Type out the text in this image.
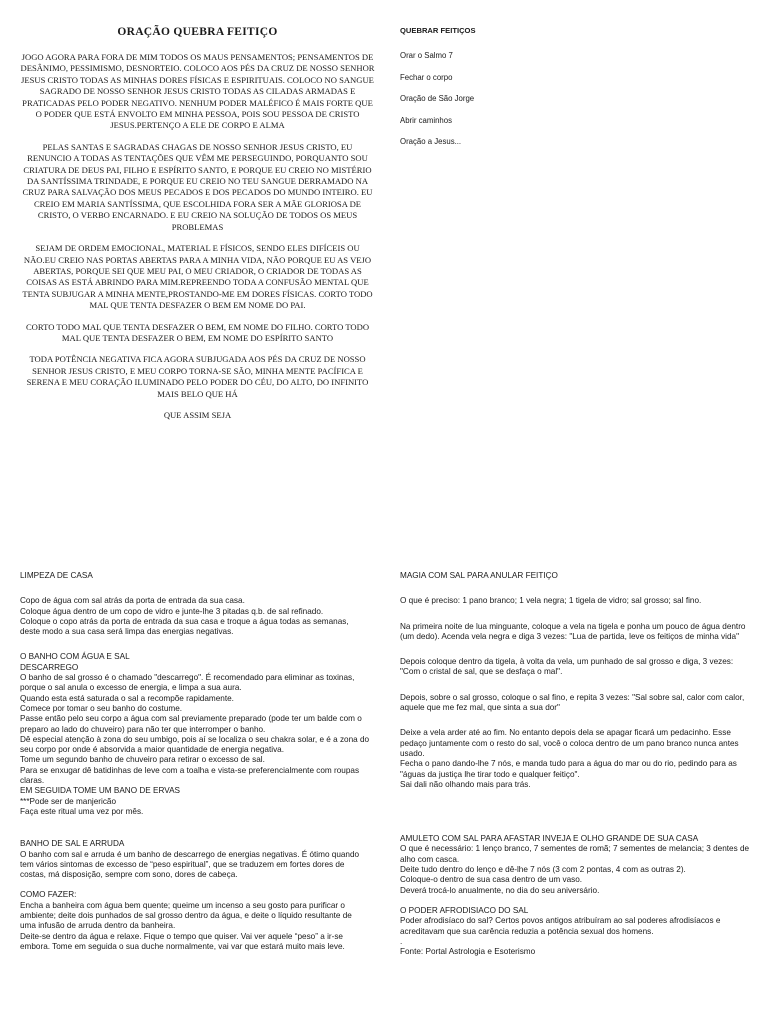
ORAÇÃO QUEBRA FEITIÇO

JOGO AGORA PARA FORA DE MIM TODOS OS MAUS PENSAMENTOS; PENSAMENTOS DE DESÂNIMO, PESSIMISMO, DESNORTEIO. COLOCO AOS PÉS DA CRUZ DE NOSSO SENHOR JESUS CRISTO TODAS AS MINHAS DORES FÍSICAS E ESPIRITUAIS. COLOCO NO SANGUE SAGRADO DE NOSSO SENHOR JESUS CRISTO TODAS AS CILADAS ARMADAS E PRATICADAS PELO PODER NEGATIVO. NENHUM PODER MALÉFICO É MAIS FORTE QUE O PODER QUE ESTÁ ENVOLTO EM MINHA PESSOA, POIS SOU PESSOA DE CRISTO JESUS.PERTENÇO A ELE DE CORPO E ALMA

PELAS SANTAS E SAGRADAS CHAGAS DE NOSSO SENHOR JESUS CRISTO, EU RENUNCIO A TODAS AS TENTAÇÕES QUE VÊM ME PERSEGUINDO, PORQUANTO SOU CRIATURA DE DEUS PAI, FILHO E ESPÍRITO SANTO, E PORQUE EU CREIO NO MISTÉRIO DA SANTÍSSIMA TRINDADE, E PORQUE EU CREIO NO TEU SANGUE DERRAMADO NA CRUZ PARA SALVAÇÃO DOS MEUS PECADOS E DOS PECADOS DO MUNDO INTEIRO. EU CREIO EM MARIA SANTÍSSIMA, QUE ESCOLHIDA FORA SER A MÃE GLORIOSA DE CRISTO, O VERBO ENCARNADO. E EU CREIO NA SOLUÇÃO DE TODOS OS MEUS PROBLEMAS

SEJAM DE ORDEM EMOCIONAL, MATERIAL E FÍSICOS, SENDO ELES DIFÍCEIS OU NÃO.EU CREIO NAS PORTAS ABERTAS PARA A MINHA VIDA, NÃO PORQUE EU AS VEJO ABERTAS, PORQUE SEI QUE MEU PAI, O MEU CRIADOR, O CRIADOR DE TODAS AS COISAS AS ESTÁ ABRINDO PARA MIM.REPREENDO TODA A CONFUSÃO MENTAL QUE TENTA SUBJUGAR A MINHA MENTE,PROSTANDO-ME EM DORES FÍSICAS. CORTO TODO MAL QUE TENTA DESFAZER O BEM EM NOME DO PAI.

CORTO TODO MAL QUE TENTA DESFAZER O BEM, EM NOME DO FILHO. CORTO TODO MAL QUE TENTA DESFAZER O BEM, EM NOME DO ESPÍRITO SANTO

TODA POTÊNCIA NEGATIVA FICA AGORA SUBJUGADA AOS PÉS DA CRUZ DE NOSSO SENHOR JESUS CRISTO, E MEU CORPO TORNA-SE SÃO, MINHA MENTE PACÍFICA E SERENA E MEU CORAÇÃO ILUMINADO PELO PODER DO CÉU, DO ALTO, DO INFINITO MAIS BELO QUE HÁ

QUE ASSIM SEJA

QUEBRAR FEITIÇOS
Orar o Salmo 7
Fechar o corpo
Oração de São Jorge
Abrir caminhos
Oração a Jesus...
LIMPEZA DE CASA

Copo de água com sal atrás da porta de entrada da sua casa.

Coloque água dentro de um copo de vidro e junte-lhe 3 pitadas q.b. de sal refinado.

Coloque o copo atrás da porta de entrada da sua casa e troque a água todas as semanas, deste modo a sua casa será limpa das energias negativas.

O BANHO COM ÁGUA E SAL
DESCARREGO

O banho de sal grosso é o chamado "descarrego". É recomendado para eliminar as toxinas, porque o sal anula o excesso de energia, e limpa a sua aura.

Quando esta está saturada o sal a recompõe rapidamente.

Comece por tomar o seu banho do costume.

Passe então pelo seu corpo a água com sal previamente preparado (pode ter um balde com o preparo ao lado do chuveiro) para não ter que interromper o banho.

Dê especial atenção à zona do seu umbigo, pois aí se localiza o seu chakra solar, e é a zona do seu corpo por onde é absorvida a maior quantidade de energia negativa.

Tome um segundo banho de chuveiro para retirar o excesso de sal.

Para se enxugar dê batidinhas de leve com a toalha e vista-se preferencialmente com roupas claras.

EM SEGUIDA TOME UM BANO DE ERVAS

***Pode ser de manjericão

Faça este ritual uma vez por mês.

BANHO DE SAL E ARRUDA

O banho com sal e arruda é um banho de descarrego de energias negativas. É ótimo quando tem vários sintomas de excesso de “peso espiritual”, que se traduzem em fortes dores de costas, má disposição, sempre com sono, dores de cabeça.

COMO FAZER:

Encha a banheira com água bem quente; queime um incenso a seu gosto para purificar o ambiente; deite dois punhados de sal grosso dentro da água, e deite o líquido resultante de uma infusão de arruda dentro da banheira.

Deite-se dentro da água e relaxe. Fique o tempo que quiser. Vai ver aquele “peso” a ir-se embora. Tome em seguida o sua duche normalmente, vai var que estará muito mais leve.

MAGIA COM SAL PARA ANULAR FEITIÇO

O que é preciso: 1 pano branco; 1 vela negra; 1 tigela de vidro; sal grosso; sal fino.

Na primeira noite de lua minguante, coloque a vela na tigela e ponha um pouco de água dentro (um dedo). Acenda vela negra e diga 3 vezes: "Lua de partida, leve os feitiços de minha vida"

Depois coloque dentro da tigela, à volta da vela, um punhado de sal grosso e diga, 3 vezes: "Com o cristal de sal, que se desfaça o mal".

Depois, sobre o sal grosso, coloque o sal fino, e repita 3 vezes: "Sal sobre sal, calor com calor, aquele que me fez mal, que sinta a sua dor"

Deixe a vela arder até ao fim. No entanto depois dela se apagar ficará um pedacinho. Esse pedaço juntamente com o resto do sal, você o coloca dentro de um pano branco nunca antes usado.

Fecha o pano dando-lhe 7 nós, e manda tudo para a água do mar ou do rio, pedindo para as "águas da justiça lhe tirar todo e qualquer feitiço".

Sai dali não olhando mais para trás.

AMULETO COM SAL PARA AFASTAR INVEJA E OLHO GRANDE DE SUA CASA

O que é necessário: 1 lenço branco, 7 sementes de romã; 7 sementes de melancia; 3 dentes de alho com casca.

Deite tudo dentro do lenço e dê-lhe 7 nós (3 com 2 pontas, 4 com as outras 2).

Coloque-o dentro de sua casa dentro de um vaso.

Deverá trocá-lo anualmente, no dia do seu aniversário.

O PODER AFRODISIACO DO SAL

Poder afrodisíaco do sal? Certos povos antigos atribuíram ao sal poderes afrodisíacos e acreditavam que sua carência reduzia a potência sexual dos homens.

.

Fonte: Portal Astrologia e Esoterismo
